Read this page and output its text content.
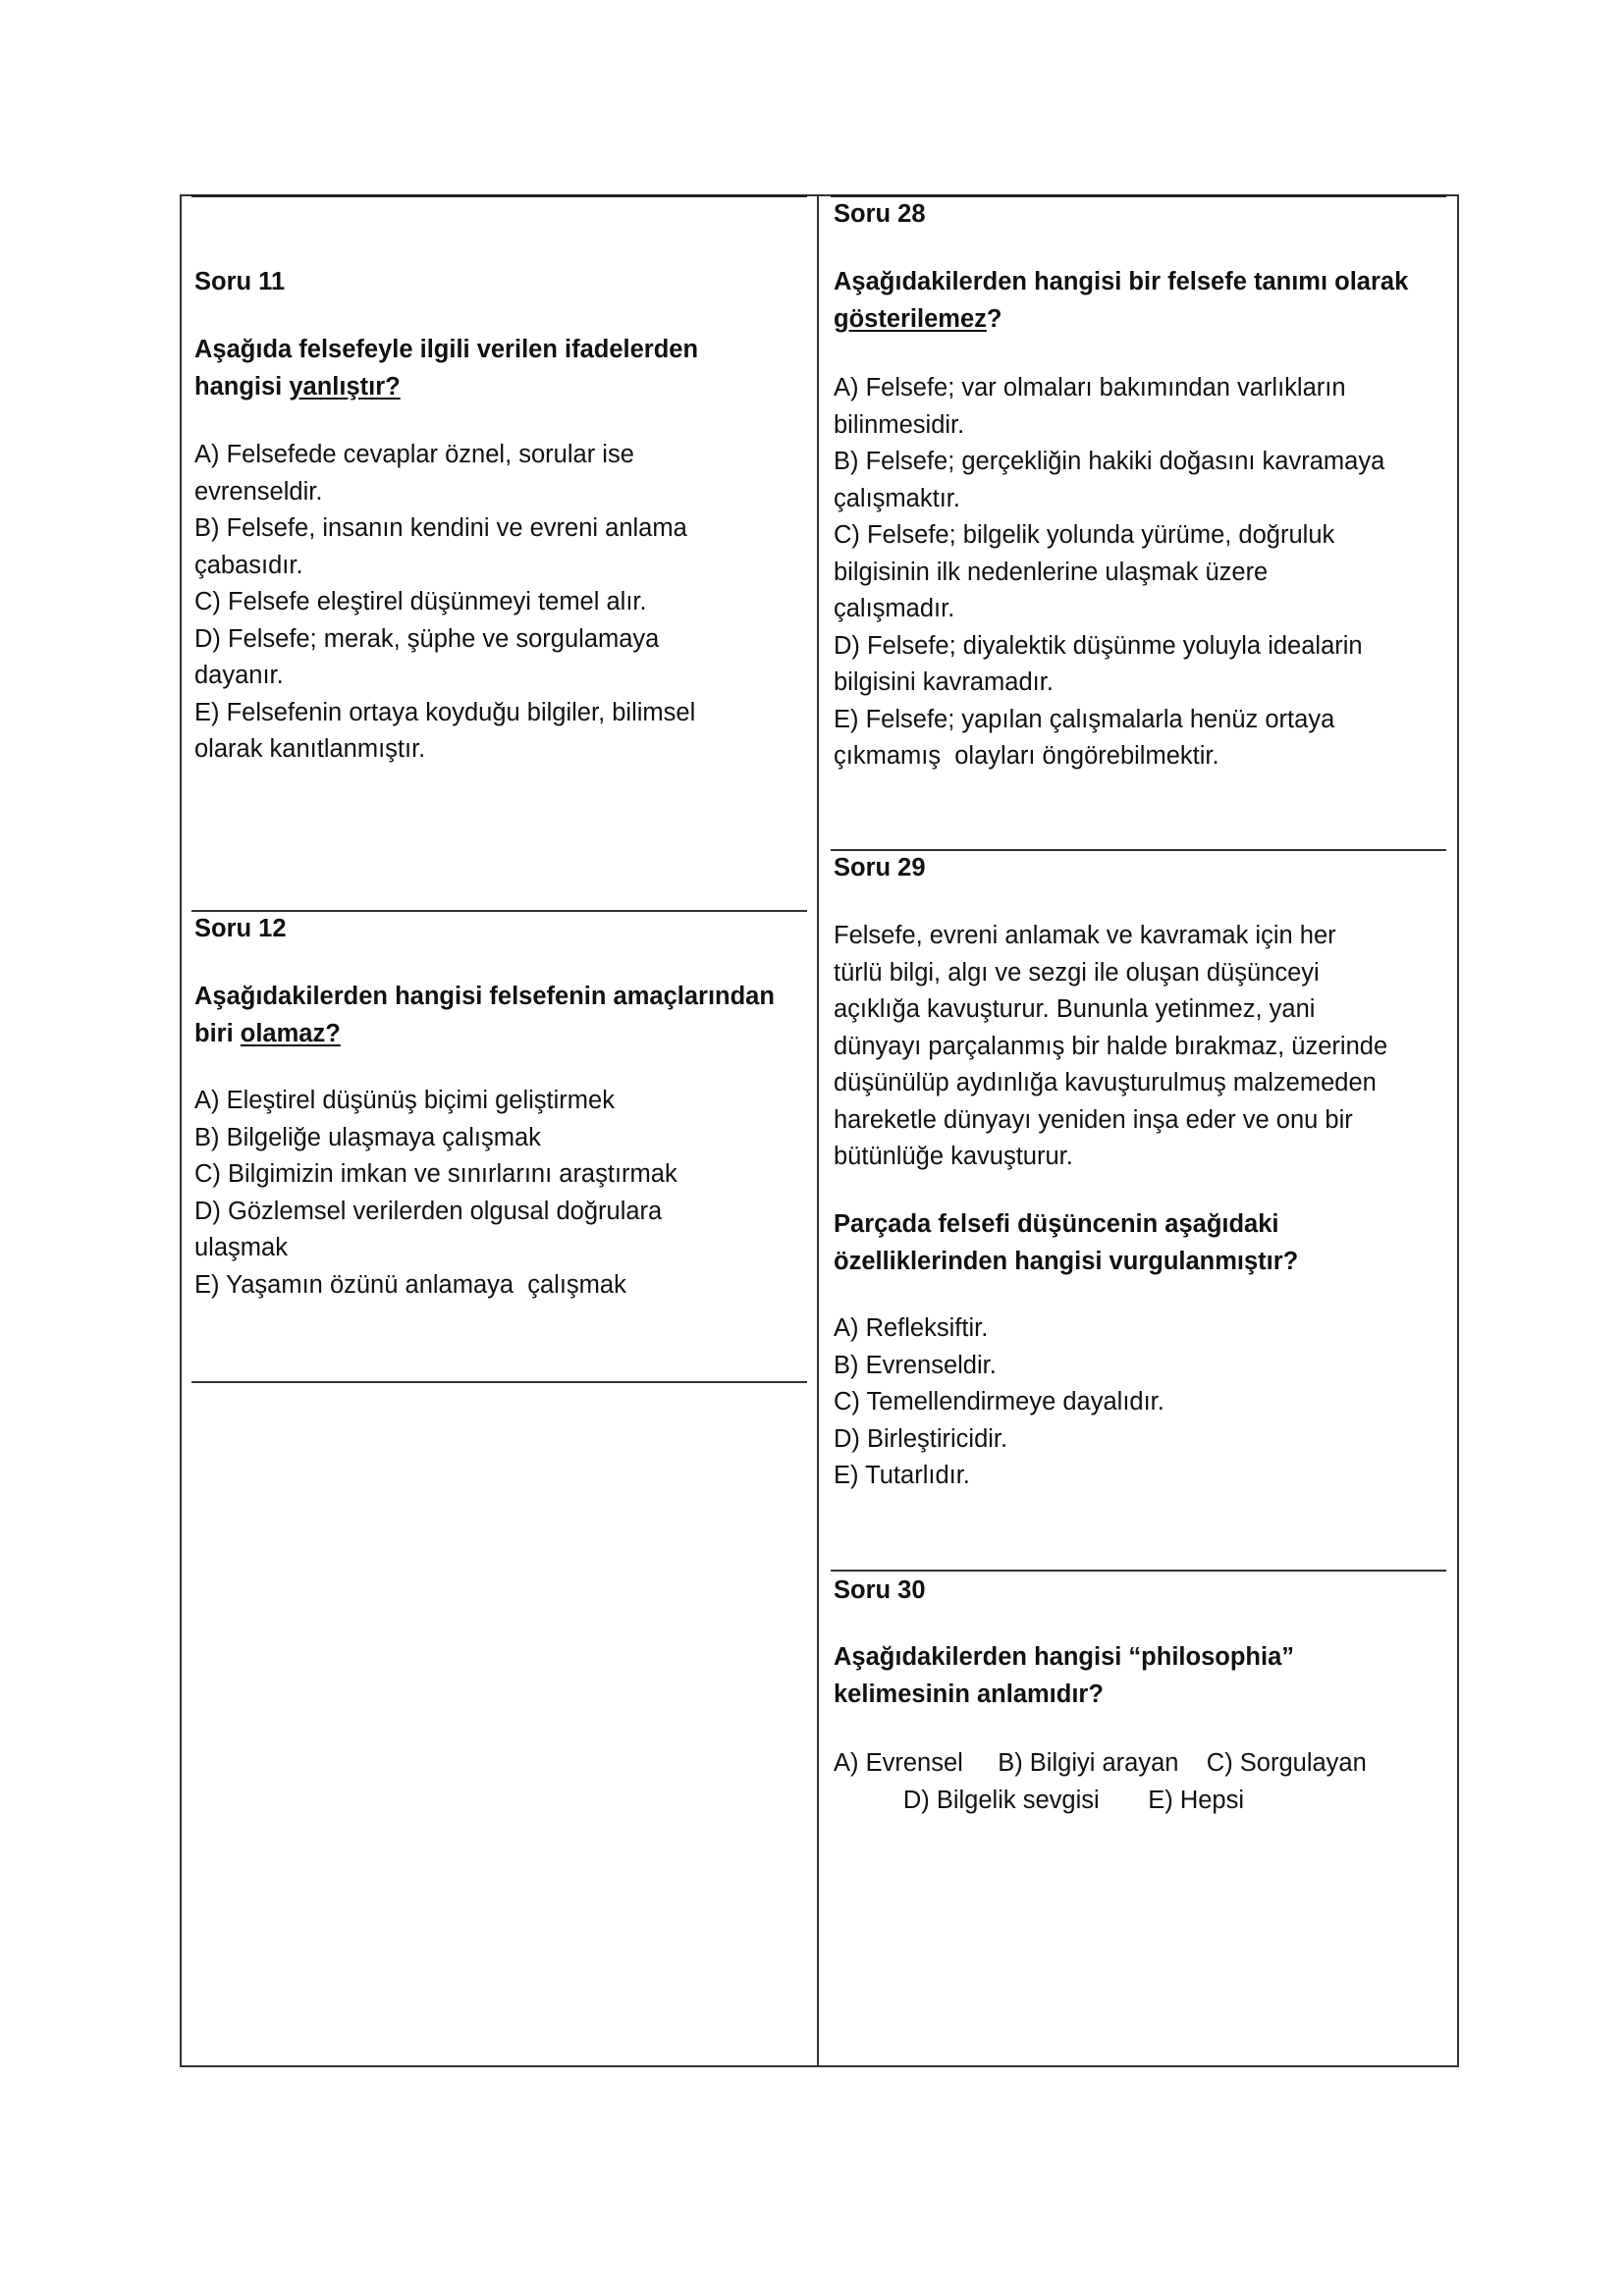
Soru 11
Aşağıda felsefeyle ilgili verilen ifadelerden
hangisi yanlıştır?
A) Felsefede cevaplar öznel, sorular ise
evrenseldir.
B) Felsefe, insanın kendini ve evreni anlama
çabasıdır.
C) Felsefe eleştirel düşünmeyi temel alır.
D) Felsefe; merak, şüphe ve sorgulamaya
dayanır.
E) Felsefenin ortaya koyduğu bilgiler, bilimsel
olarak kanıtlanmıştır.
Soru 12
Aşağıdakilerden hangisi felsefenin amaçlarından
biri olamaz?
A) Eleştirel düşünüş biçimi geliştirmek
B) Bilgeliğe ulaşmaya çalışmak
C) Bilgimizin imkan ve sınırlarını araştırmak
D) Gözlemsel verilerden olgusal doğrulara
ulaşmak
E) Yaşamın özünü anlamaya  çalışmak
Soru 28
Aşağıdakilerden hangisi bir felsefe tanımı olarak
gösterilemez?
A) Felsefe; var olmaları bakımından varlıkların
bilinmesidir.
B) Felsefe; gerçekliğin hakiki doğasını kavramaya
çalışmaktır.
C) Felsefe; bilgelik yolunda yürüme, doğruluk
bilgisinin ilk nedenlerine ulaşmak üzere
çalışmadır.
D) Felsefe; diyalektik düşünme yoluyla idealarin
bilgisini kavramadır.
E) Felsefe; yapılan çalışmalarla henüz ortaya
çıkmamış  olayları öngörebilmektir.
Soru 29
Felsefe, evreni anlamak ve kavramak için her
türlü bilgi, algı ve sezgi ile oluşan düşünceyi
açıklığa kavuşturur. Bununla yetinmez, yani
dünyayı parçalanmış bir halde bırakmaz, üzerinde
düşünülüp aydınlığa kavuşturulmuş malzemeden
hareketle dünyayı yeniden inşa eder ve onu bir
bütünlüğe kavuşturur.
Parçada felsefi düşüncenin aşağıdaki
özelliklerinden hangisi vurgulanmıştır?
A) Refleksiftir.
B) Evrenseldir.
C) Temellendirmeye dayalıdır.
D) Birleştiricidir.
E) Tutarlıdır.
Soru 30
Aşağıdakilerden hangisi “philosophia”
kelimesinin anlamıdır?
A) Evrensel     B) Bilgiyi arayan    C) Sorgulayan
D) Bilgelik sevgisi       E) Hepsi
